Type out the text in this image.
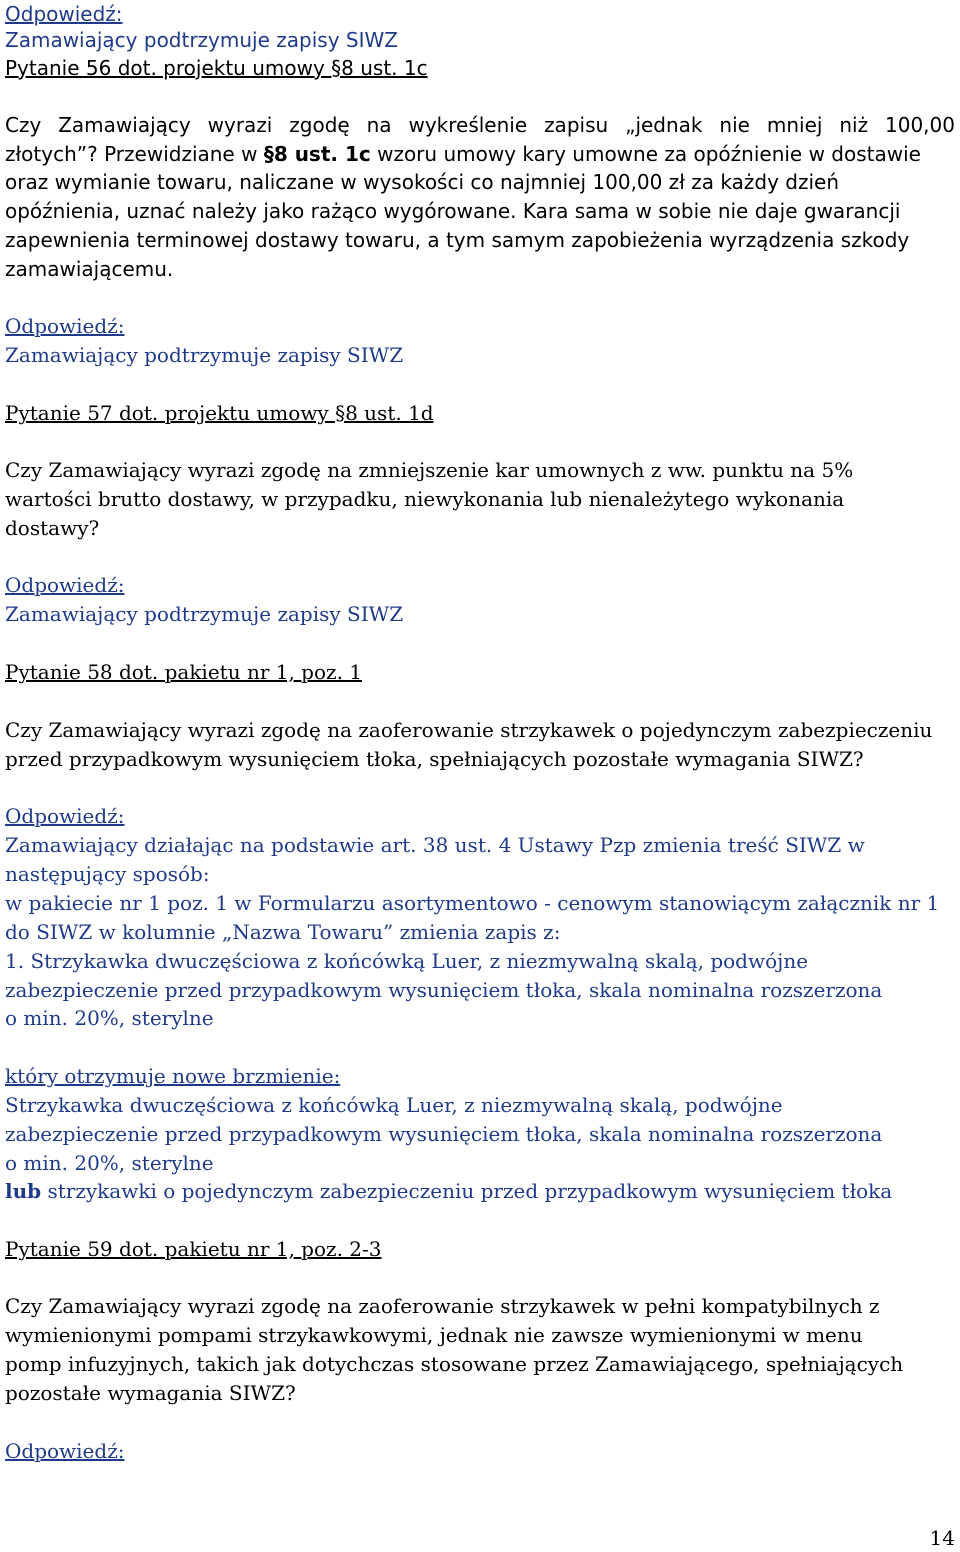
Odpowiedź:
Zamawiający podtrzymuje zapisy SIWZ
Pytanie 56 dot. projektu umowy §8 ust. 1c
Czy Zamawiający wyrazi zgodę na wykreślenie zapisu „jednak nie mniej niż 100,00
złotych”? Przewidziane w §8 ust. 1c wzoru umowy kary umowne za opóźnienie w dostawie
oraz wymianie towaru, naliczane w wysokości co najmniej 100,00 zł za każdy dzień
opóźnienia, uznać należy jako rażąco wygórowane. Kara sama w sobie nie daje gwarancji
zapewnienia terminowej dostawy towaru, a tym samym zapobieżenia wyrządzenia szkody
zamawiającemu.
Odpowiedź:
Zamawiający podtrzymuje zapisy SIWZ
Pytanie 57 dot. projektu umowy §8 ust. 1d
Czy Zamawiający wyrazi zgodę na zmniejszenie kar umownych z ww. punktu na 5%
wartości brutto dostawy, w przypadku, niewykonania lub nienależytego wykonania
dostawy?
Odpowiedź:
Zamawiający podtrzymuje zapisy SIWZ
Pytanie 58 dot. pakietu nr 1, poz. 1
Czy Zamawiający wyrazi zgodę na zaoferowanie strzykawek o pojedynczym zabezpieczeniu
przed przypadkowym wysunięciem tłoka, spełniających pozostałe wymagania SIWZ?
Odpowiedź:
Zamawiający działając na podstawie art. 38 ust. 4 Ustawy Pzp zmienia treść SIWZ w
następujący sposób:
w pakiecie nr 1 poz. 1 w Formularzu asortymentowo - cenowym stanowiącym załącznik nr 1
do SIWZ w kolumnie „Nazwa Towaru” zmienia zapis z:
1. Strzykawka dwuczęściowa z końcówką Luer, z niezmywalną skalą, podwójne
zabezpieczenie przed przypadkowym wysunięciem tłoka, skala nominalna rozszerzona
o min. 20%, sterylne
który otrzymuje nowe brzmienie:
Strzykawka dwuczęściowa z końcówką Luer, z niezmywalną skalą, podwójne
zabezpieczenie przed przypadkowym wysunięciem tłoka, skala nominalna rozszerzona
o min. 20%, sterylne
lub strzykawki o pojedynczym zabezpieczeniu przed przypadkowym wysunięciem tłoka
Pytanie 59 dot. pakietu nr 1, poz. 2-3
Czy Zamawiający wyrazi zgodę na zaoferowanie strzykawek w pełni kompatybilnych z
wymienionymi pompami strzykawkowymi, jednak nie zawsze wymienionymi w menu
pomp infuzyjnych, takich jak dotychczas stosowane przez Zamawiającego, spełniających
pozostałe wymagania SIWZ?
Odpowiedź:
14
